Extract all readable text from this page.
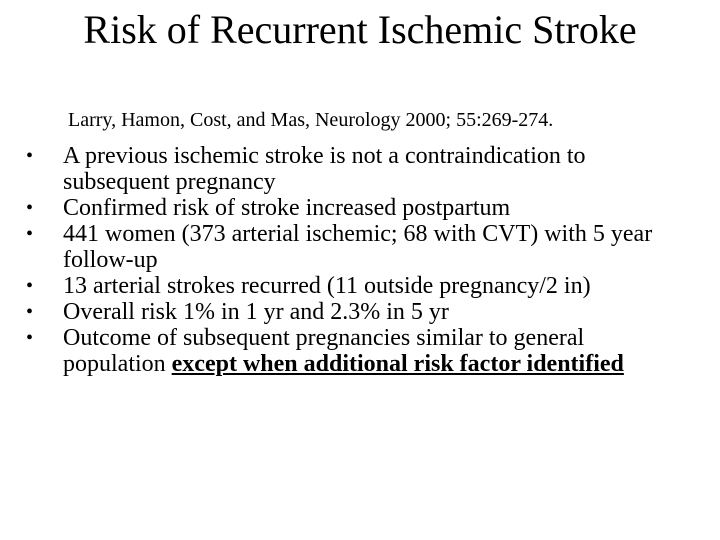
Risk of Recurrent Ischemic Stroke
Larry, Hamon, Cost, and Mas, Neurology 2000; 55:269-274.
• A previous ischemic stroke is not a contraindication to subsequent pregnancy
• Confirmed risk of stroke increased postpartum
• 441 women (373 arterial ischemic; 68 with CVT) with 5 year follow-up
• 13 arterial strokes recurred (11 outside pregnancy/2 in)
• Overall risk 1% in 1 yr and 2.3% in 5 yr
• Outcome of subsequent pregnancies similar to general population except when additional risk factor identified
